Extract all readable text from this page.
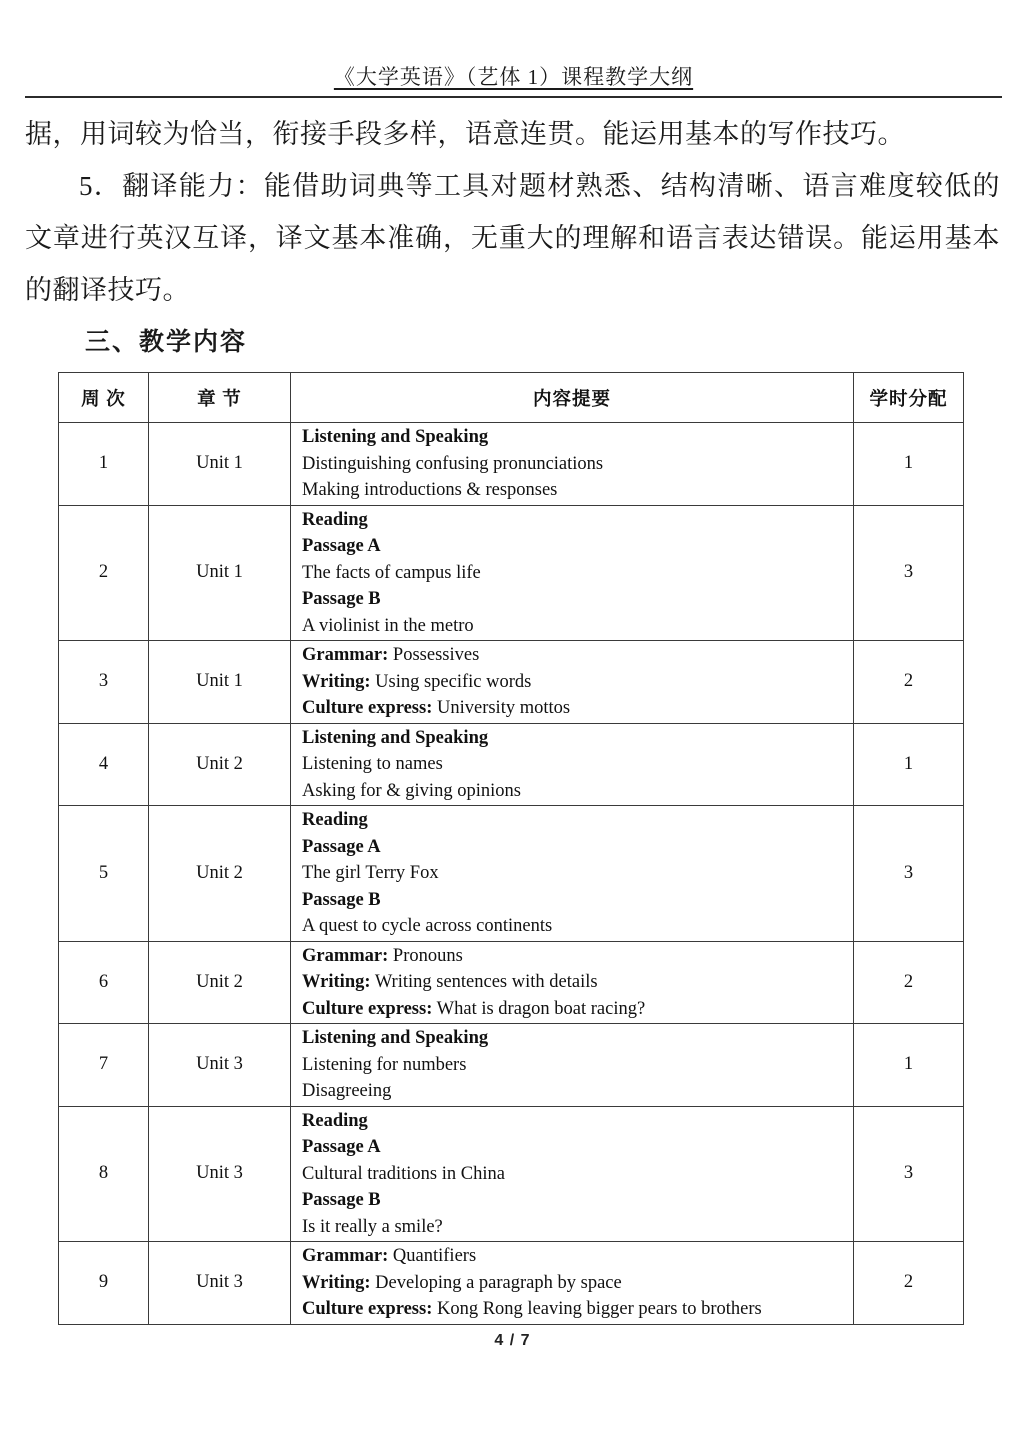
《大学英语》（艺体 1）课程教学大纲

据，用词较为恰当，衔接手段多样，语意连贯。能运用基本的写作技巧。

5．翻译能力：能借助词典等工具对题材熟悉、结构清晰、语言难度较低的文章进行英汉互译，译文基本准确，无重大的理解和语言表达错误。能运用基本的翻译技巧。

三、教学内容
周 次	章 节	内容提要	学时分配
1	Unit 1	Listening and Speaking
Distinguishing confusing pronunciations
Making introductions & responses	1
2	Unit 1	Reading
Passage A
The facts of campus life
Passage B
A violinist in the metro	3
3	Unit 1	Grammar: Possessives
Writing: Using specific words
Culture express: University mottos	2
4	Unit 2	Listening and Speaking
Listening to names
Asking for & giving opinions	1
5	Unit 2	Reading
Passage A
The girl Terry Fox
Passage B
A quest to cycle across continents	3
6	Unit 2	Grammar: Pronouns
Writing: Writing sentences with details
Culture express: What is dragon boat racing?	2
7	Unit 3	Listening and Speaking
Listening for numbers
Disagreeing	1
8	Unit 3	Reading
Passage A
Cultural traditions in China
Passage B
Is it really a smile?	3
9	Unit 3	Grammar: Quantifiers
Writing: Developing a paragraph by space
Culture express: Kong Rong leaving bigger pears to brothers	2
4 / 7
